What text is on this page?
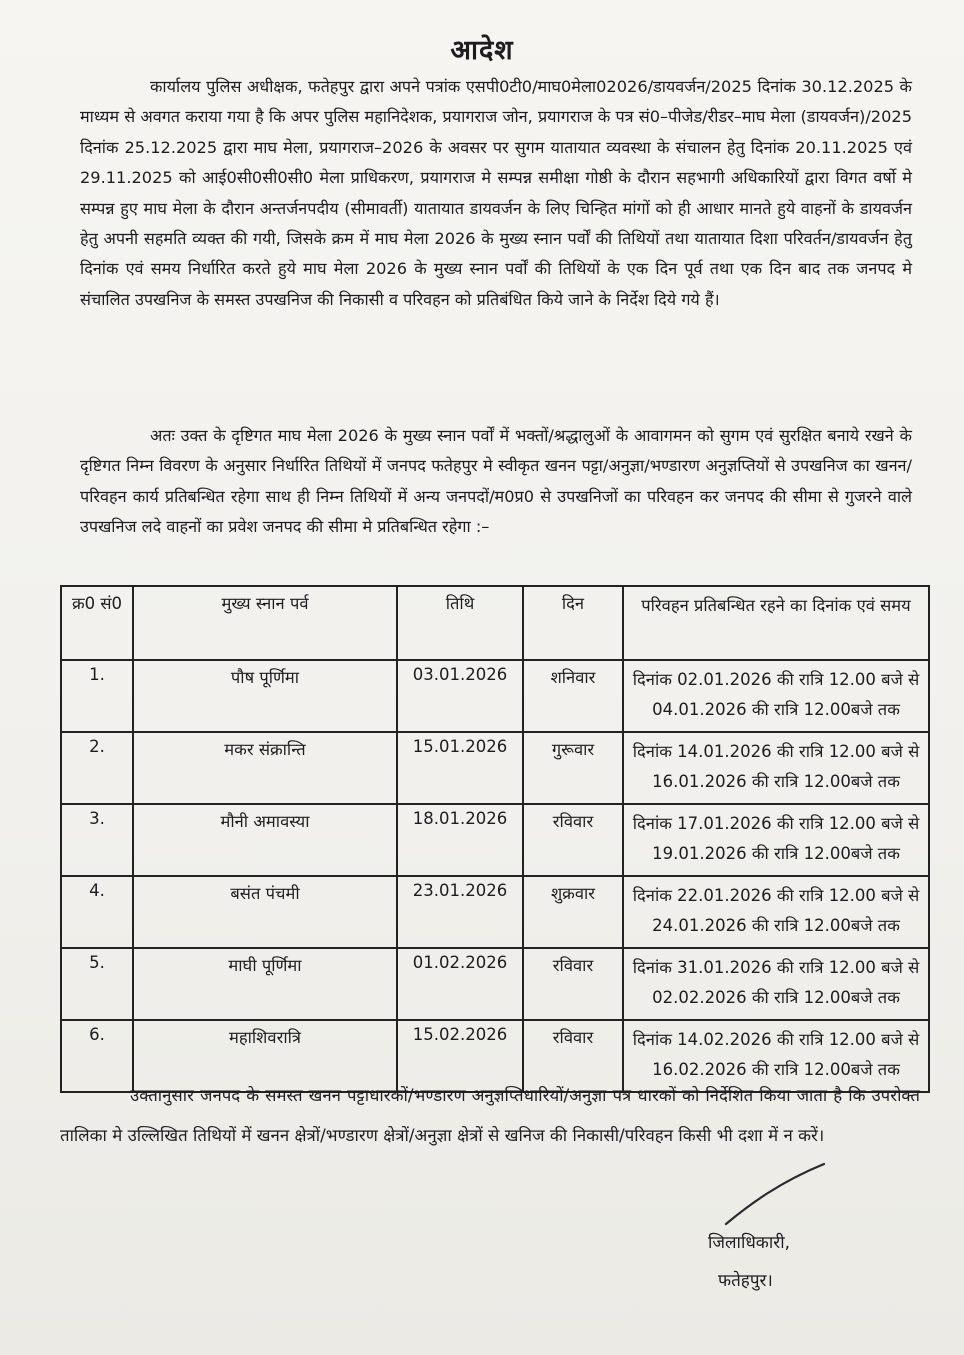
आदेश
कार्यालय पुलिस अधीक्षक, फतेहपुर द्वारा अपने पत्रांक एसपी0टी0/माघ0मेला02026/डायवर्जन/2025 दिनांक 30.12.2025 के माध्यम से अवगत कराया गया है कि अपर पुलिस महानिदेशक, प्रयागराज जोन, प्रयागराज के पत्र सं0–पीजेड/रीडर–माघ मेला (डायवर्जन)/2025 दिनांक 25.12.2025 द्वारा माघ मेला, प्रयागराज–2026 के अवसर पर सुगम यातायात व्यवस्था के संचालन हेतु दिनांक 20.11.2025 एवं 29.11.2025 को आई0सी0सी0सी0 मेला प्राधिकरण, प्रयागराज मे सम्पन्न समीक्षा गोष्ठी के दौरान सहभागी अधिकारियों द्वारा विगत वर्षो मे सम्पन्न हुए माघ मेला के दौरान अन्तर्जनपदीय (सीमावर्ती) यातायात डायवर्जन के लिए चिन्हित मांगों को ही आधार मानते हुये वाहनों के डायवर्जन हेतु अपनी सहमति व्यक्त की गयी, जिसके क्रम में माघ मेला 2026 के मुख्य स्नान पर्वों की तिथियों तथा यातायात दिशा परिवर्तन/डायवर्जन हेतु दिनांक एवं समय निर्धारित करते हुये माघ मेला 2026 के मुख्य स्नान पर्वों की तिथियों के एक दिन पूर्व तथा एक दिन बाद तक जनपद मे संचालित उपखनिज के समस्त उपखनिज की निकासी व परिवहन को प्रतिबंधित किये जाने के निर्देश दिये गये हैं।
अतः उक्त के दृष्टिगत माघ मेला 2026 के मुख्य स्नान पर्वों में भक्तों/श्रद्धालुओं के आवागमन को सुगम एवं सुरक्षित बनाये रखने के दृष्टिगत निम्न विवरण के अनुसार निर्धारित तिथियों में जनपद फतेहपुर मे स्वीकृत खनन पट्टा/अनुज्ञा/भण्डारण अनुज्ञप्तियों से उपखनिज का खनन/परिवहन कार्य प्रतिबन्धित रहेगा साथ ही निम्न तिथियों में अन्य जनपदों/म0प्र0 से उपखनिजों का परिवहन कर जनपद की सीमा से गुजरने वाले उपखनिज लदे वाहनों का प्रवेश जनपद की सीमा मे प्रतिबन्धित रहेगा :–
क्र0 सं0	मुख्य स्नान पर्व	तिथि	दिन	परिवहन प्रतिबन्धित रहने का दिनांक एवं समय
1.	पौष पूर्णिमा	03.01.2026	शनिवार	दिनांक 02.01.2026 की रात्रि 12.00 बजे से 04.01.2026 की रात्रि 12.00बजे तक
2.	मकर संक्रान्ति	15.01.2026	गुरूवार	दिनांक 14.01.2026 की रात्रि 12.00 बजे से 16.01.2026 की रात्रि 12.00बजे तक
3.	मौनी अमावस्या	18.01.2026	रविवार	दिनांक 17.01.2026 की रात्रि 12.00 बजे से 19.01.2026 की रात्रि 12.00बजे तक
4.	बसंत पंचमी	23.01.2026	शुक्रवार	दिनांक 22.01.2026 की रात्रि 12.00 बजे से 24.01.2026 की रात्रि 12.00बजे तक
5.	माघी पूर्णिमा	01.02.2026	रविवार	दिनांक 31.01.2026 की रात्रि 12.00 बजे से 02.02.2026 की रात्रि 12.00बजे तक
6.	महाशिवरात्रि	15.02.2026	रविवार	दिनांक 14.02.2026 की रात्रि 12.00 बजे से 16.02.2026 की रात्रि 12.00बजे तक
उक्तानुसार जनपद के समस्त खनन पट्टाधारकों/भण्डारण अनुज्ञप्तिधारियों/अनुज्ञा पत्र धारकों को निर्देशित किया जाता है कि उपरोक्त तालिका मे उल्लिखित तिथियों में खनन क्षेत्रों/भण्डारण क्षेत्रों/अनुज्ञा क्षेत्रों से खनिज की निकासी/परिवहन किसी भी दशा में न करें।
जिलाधिकारी,
फतेहपुर।
